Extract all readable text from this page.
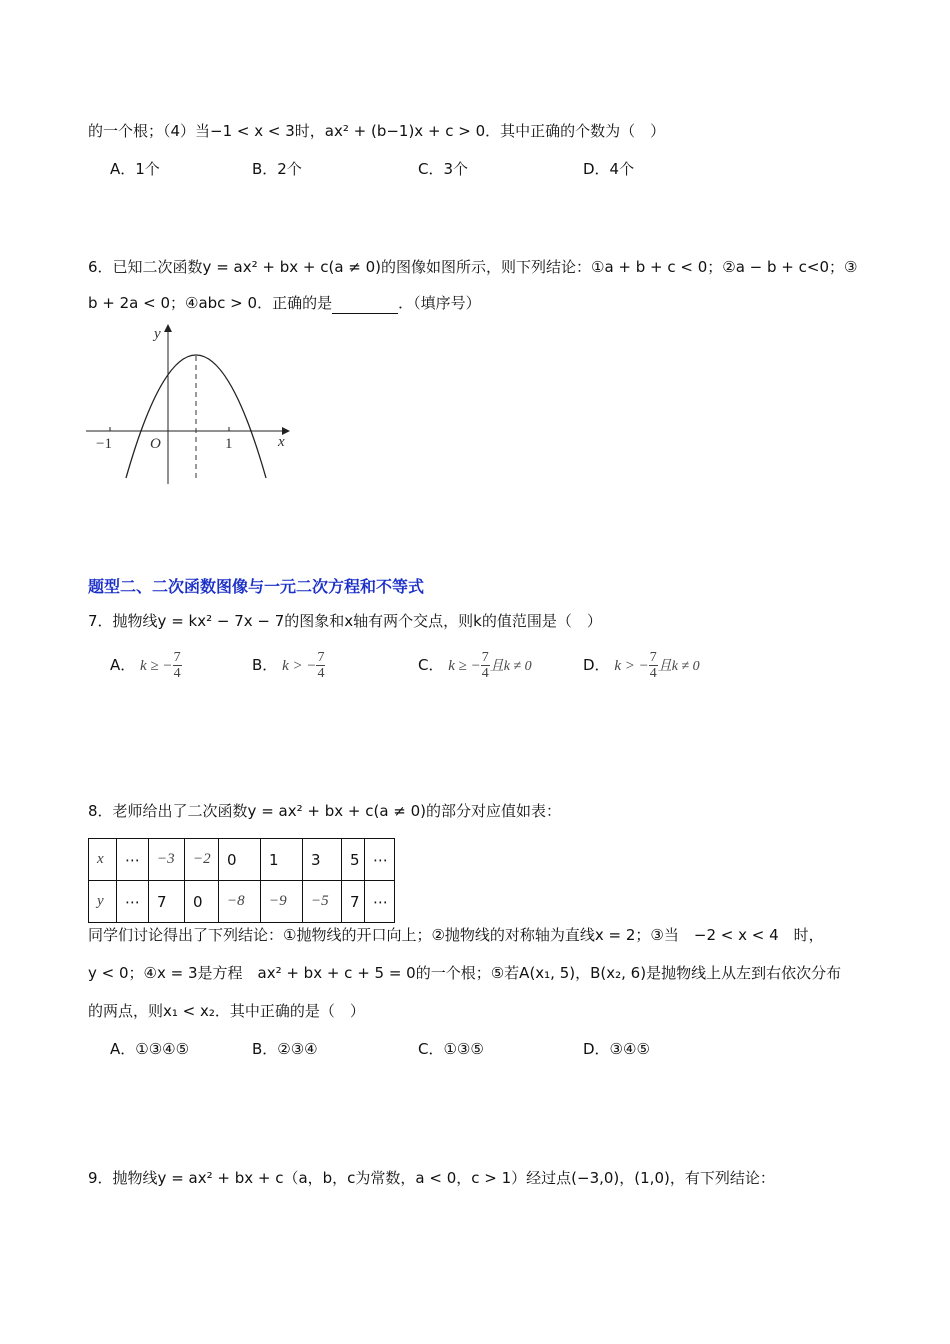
的一个根；（4）当−1 < x < 3时，ax² + (b−1)x + c > 0．其中正确的个数为（　）
A．1个	B．2个	C．3个	D．4个
6．已知二次函数y = ax² + bx + c(a ≠ 0)的图像如图所示，则下列结论：①a + b + c < 0；②a − b + c<0；③
b + 2a < 0；④abc > 0．正确的是	．（填序号）
y
x
O
−1	1
题型二、二次函数图像与一元二次方程和不等式
7．抛物线y = kx² − 7x − 7的图象和x轴有两个交点，则k的值范围是（　）
A． k ≥ − $\frac{7}{4}$	B． k > − $\frac{7}{4}$	C． k ≥ − $\frac{7}{4}$ 且k ≠ 0	D． k > − $\frac{7}{4}$ 且k ≠ 0
8．老师给出了二次函数y = ax² + bx + c(a ≠ 0)的部分对应值如表：
x	⋯	−3	−2	0	1	3	5	⋯
y	⋯	7	0	−8	−9	−5	7	⋯
同学们讨论得出了下列结论：①抛物线的开口向上；②抛物线的对称轴为直线x = 2；③当　−2 < x < 4　时，
y < 0；④x = 3是方程　ax² + bx + c + 5 = 0的一个根；⑤若A(x₁, 5)，B(x₂, 6)是抛物线上从左到右依次分布
的两点，则x₁ < x₂．其中正确的是（　）
A．①③④⑤	B．②③④	C．①③⑤	D．③④⑤
9．抛物线y = ax² + bx + c（a，b，c为常数，a < 0，c > 1）经过点(−3,0)，(1,0)，有下列结论：
